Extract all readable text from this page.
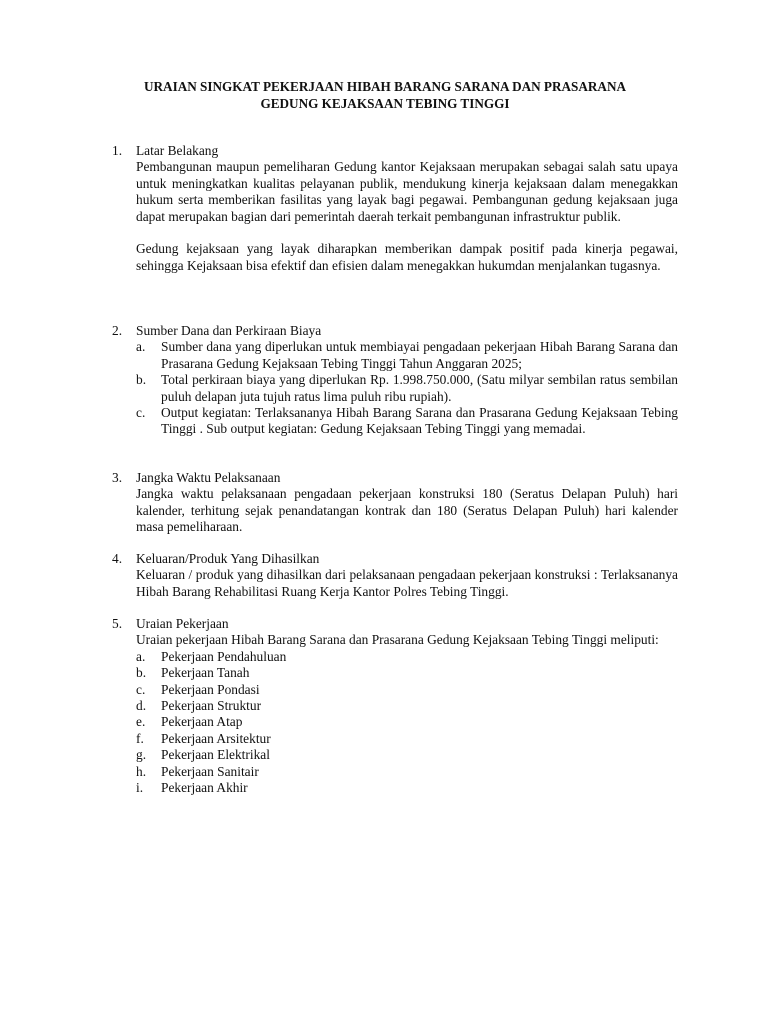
URAIAN SINGKAT PEKERJAAN HIBAH BARANG SARANA DAN PRASARANA
GEDUNG KEJAKSAAN TEBING TINGGI
1. Latar Belakang

Pembangunan maupun pemeliharan Gedung kantor Kejaksaan merupakan sebagai salah satu upaya untuk meningkatkan kualitas pelayanan publik, mendukung kinerja kejaksaan dalam menegakkan hukum serta memberikan fasilitas yang layak bagi pegawai. Pembangunan gedung kejaksaan juga dapat merupakan bagian dari pemerintah daerah terkait pembangunan infrastruktur publik.

Gedung kejaksaan yang layak diharapkan memberikan dampak positif pada kinerja pegawai, sehingga Kejaksaan bisa efektif dan efisien dalam menegakkan hukumdan menjalankan tugasnya.

2. Sumber Dana dan Perkiraan Biaya
a. Sumber dana yang diperlukan untuk membiayai pengadaan pekerjaan Hibah Barang Sarana dan Prasarana Gedung Kejaksaan Tebing Tinggi Tahun Anggaran 2025;
b. Total perkiraan biaya yang diperlukan Rp. 1.998.750.000, (Satu milyar sembilan ratus sembilan puluh delapan juta tujuh ratus lima puluh ribu rupiah).
c. Output kegiatan: Terlaksananya Hibah Barang Sarana dan Prasarana Gedung Kejaksaan Tebing Tinggi . Sub output kegiatan: Gedung Kejaksaan Tebing Tinggi yang memadai.
3. Jangka Waktu Pelaksanaan

Jangka waktu pelaksanaan pengadaan pekerjaan konstruksi 180 (Seratus Delapan Puluh) hari kalender, terhitung sejak penandatangan kontrak dan 180 (Seratus Delapan Puluh) hari kalender masa pemeliharaan.

4. Keluaran/Produk Yang Dihasilkan

Keluaran / produk yang dihasilkan dari pelaksanaan pengadaan pekerjaan konstruksi : Terlaksananya Hibah Barang Rehabilitasi Ruang Kerja Kantor Polres Tebing Tinggi.

5. Uraian Pekerjaan

Uraian pekerjaan Hibah Barang Sarana dan Prasarana Gedung Kejaksaan Tebing Tinggi meliputi:

a. Pekerjaan Pendahuluan
b. Pekerjaan Tanah
c. Pekerjaan Pondasi
d. Pekerjaan Struktur
e. Pekerjaan Atap
f. Pekerjaan Arsitektur
g. Pekerjaan Elektrikal
h. Pekerjaan Sanitair
i. Pekerjaan Akhir
